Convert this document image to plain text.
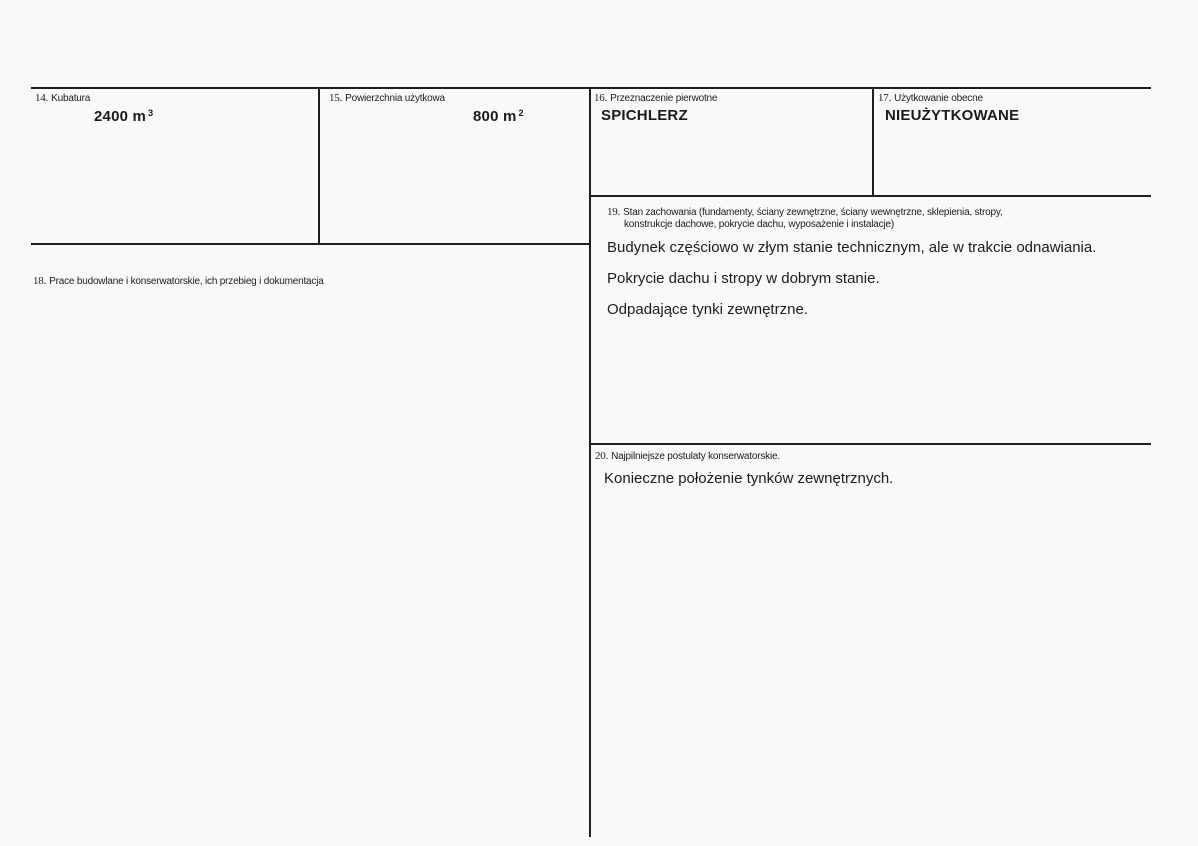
14. Kubatura
2400 m $^3$
15. Powierzchnia użytkowa
800 m $^2$
16. Przeznaczenie pierwotne
SPICHLERZ
17. Użytkowanie obecne
NIEUŻYTKOWANE
18. Prace budowlane i konserwatorskie, ich przebieg i dokumentacja
19. Stan zachowania (fundamenty, ściany zewnętrzne, ściany wewnętrzne, sklepienia, stropy,
konstrukcje dachowe, pokrycie dachu, wyposażenie i instalacje)
Budynek częściowo w złym stanie technicznym, ale w trakcie odnawiania.
Pokrycie dachu i stropy w dobrym stanie.
Odpadające tynki zewnętrzne.
20. Najpilniejsze postulaty konserwatorskie.
Konieczne położenie tynków zewnętrznych.
